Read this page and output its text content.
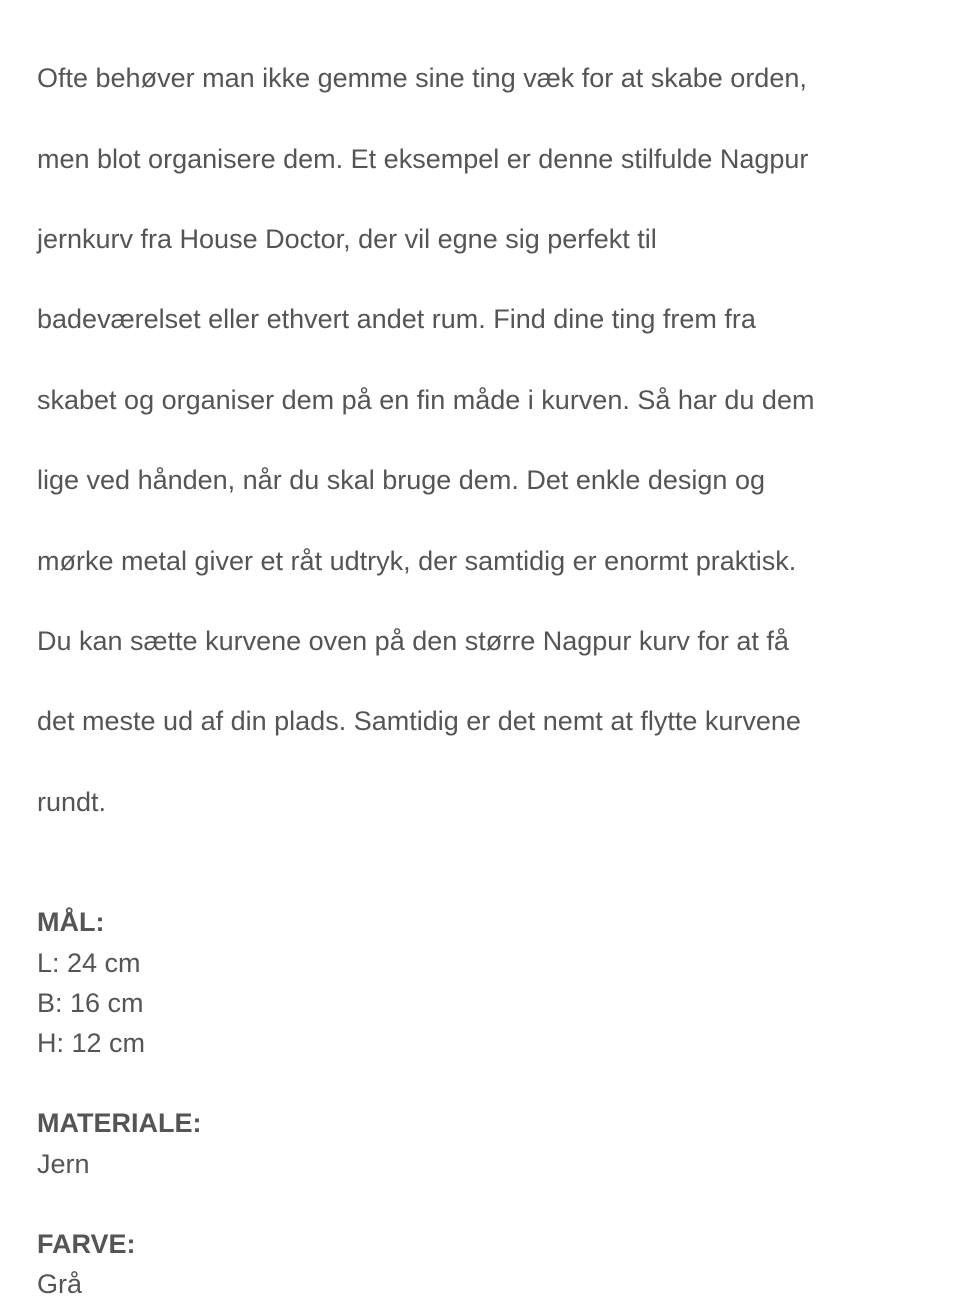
Ofte behøver man ikke gemme sine ting væk for at skabe orden,

men blot organisere dem. Et eksempel er denne stilfulde Nagpur

jernkurv fra House Doctor, der vil egne sig perfekt til

badeværelset eller ethvert andet rum. Find dine ting frem fra

skabet og organiser dem på en fin måde i kurven. Så har du dem

lige ved hånden, når du skal bruge dem. Det enkle design og

mørke metal giver et råt udtryk, der samtidig er enormt praktisk.

Du kan sætte kurvene oven på den større Nagpur kurv for at få

det meste ud af din plads. Samtidig er det nemt at flytte kurvene

rundt.

MÅL:
L: 24 cm
B: 16 cm
H: 12 cm
MATERIALE:
Jern
FARVE:
Grå
